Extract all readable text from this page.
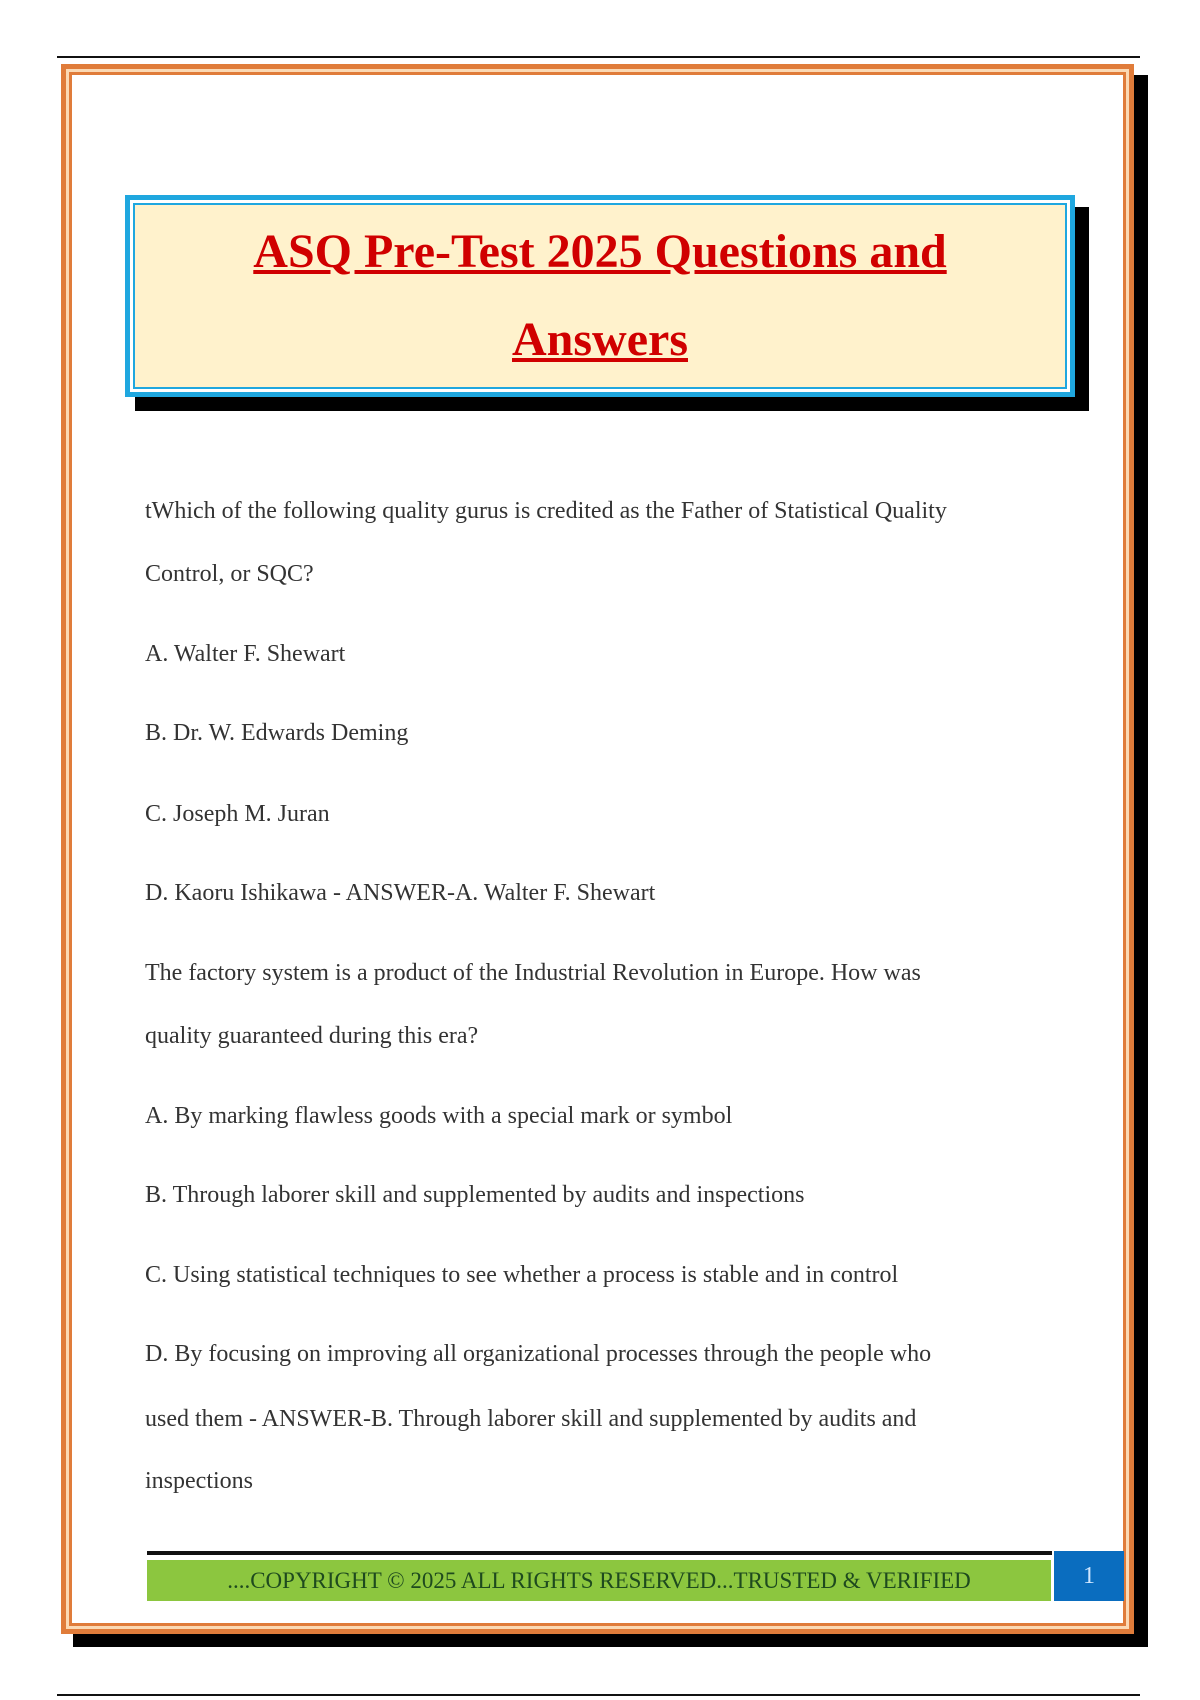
ASQ Pre-Test 2025 Questions and
Answers
tWhich of the following quality gurus is credited as the Father of Statistical Quality
Control, or SQC?
A. Walter F. Shewart
B. Dr. W. Edwards Deming
C. Joseph M. Juran
D. Kaoru Ishikawa - ANSWER-A. Walter F. Shewart
The factory system is a product of the Industrial Revolution in Europe. How was
quality guaranteed during this era?
A. By marking flawless goods with a special mark or symbol
B. Through laborer skill and supplemented by audits and inspections
C. Using statistical techniques to see whether a process is stable and in control
D. By focusing on improving all organizational processes through the people who
used them - ANSWER-B. Through laborer skill and supplemented by audits and
inspections
....COPYRIGHT © 2025 ALL RIGHTS RESERVED...TRUSTED & VERIFIED	1
